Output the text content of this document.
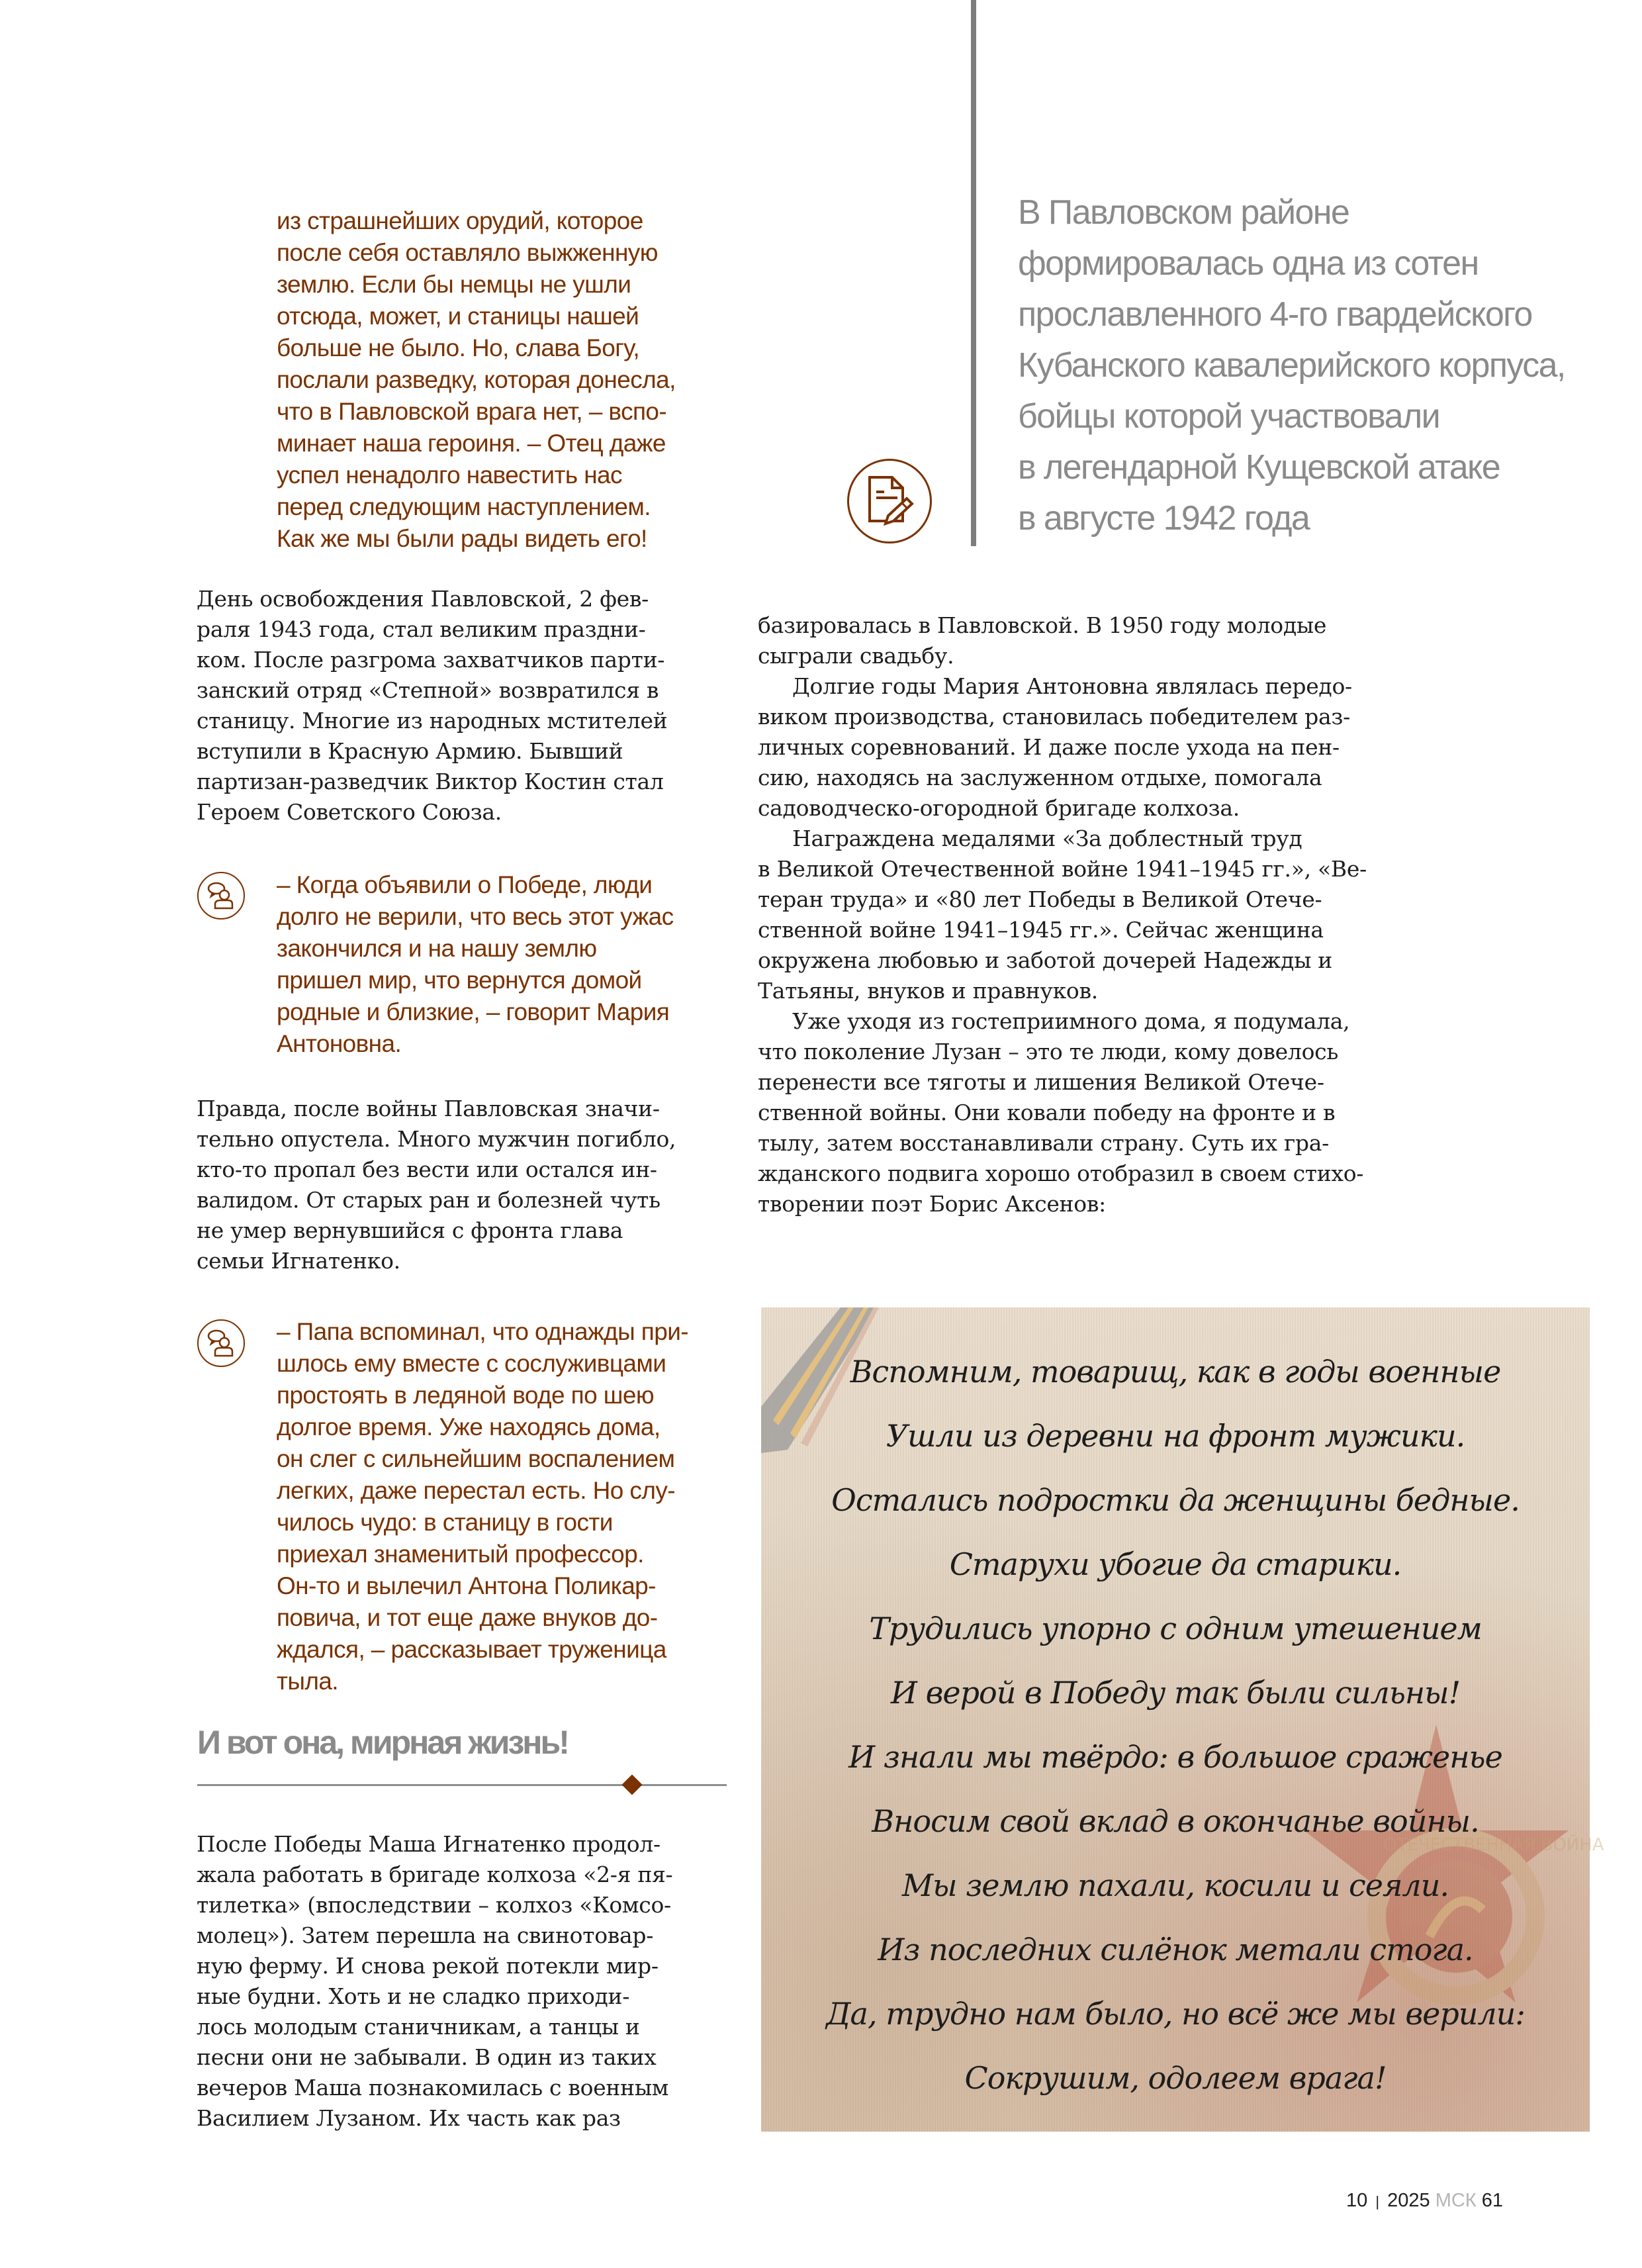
из страшнейших орудий, которое
после себя оставляло выжженную
землю. Если бы немцы не ушли
отсюда, может, и станицы нашей
больше не было. Но, слава Богу,
послали разведку, которая донесла,
что в Павловской врага нет, – вспо-
минает наша героиня. – Отец даже
успел ненадолго навестить нас
перед следующим наступлением.
Как же мы были рады видеть его!
В Павловском районе
формировалась одна из сотен
прославленного 4-го гвардейского
Кубанского кавалерийского корпуса,
бойцы которой участвовали
в легендарной Кущевской атаке
в августе 1942 года
День освобождения Павловской, 2 фев-
раля 1943 года, стал великим праздни-
ком. После разгрома захватчиков парти-
занский отряд «Степной» возвратился в
станицу. Многие из народных мстителей
вступили в Красную Армию. Бывший
партизан-разведчик Виктор Костин стал
Героем Советского Союза.
– Когда объявили о Победе, люди
долго не верили, что весь этот ужас
закончился и на нашу землю
пришел мир, что вернутся домой
родные и близкие, – говорит Мария
Антоновна.
Правда, после войны Павловская значи-
тельно опустела. Много мужчин погибло,
кто-то пропал без вести или остался ин-
валидом. От старых ран и болезней чуть
не умер вернувшийся с фронта глава
семьи Игнатенко.
– Папа вспоминал, что однажды при-
шлось ему вместе с сослуживцами
простоять в ледяной воде по шею
долгое время. Уже находясь дома,
он слег с сильнейшим воспалением
легких, даже перестал есть. Но слу-
чилось чудо: в станицу в гости
приехал знаменитый профессор.
Он-то и вылечил Антона Поликар-
повича, и тот еще даже внуков до-
ждался, – рассказывает труженица
тыла.
И вот она, мирная жизнь!
После Победы Маша Игнатенко продол-
жала работать в бригаде колхоза «2-я пя-
тилетка» (впоследствии – колхоз «Комсо-
молец»). Затем перешла на свинотовар-
ную ферму. И снова рекой потекли мир-
ные будни. Хоть и не сладко приходи-
лось молодым станичникам, а танцы и
песни они не забывали. В один из таких
вечеров Маша познакомилась с военным
Василием Лузаном. Их часть как раз
базировалась в Павловской. В 1950 году молодые
сыграли свадьбу.
Долгие годы Мария Антоновна являлась передо-
виком производства, становилась победителем раз-
личных соревнований. И даже после ухода на пен-
сию, находясь на заслуженном отдыхе, помогала
садоводческо-огородной бригаде колхоза.
Награждена медалями «За доблестный труд
в Великой Отечественной войне 1941–1945 гг.», «Ве-
теран труда» и «80 лет Победы в Великой Отече-
ственной войне 1941–1945 гг.». Сейчас женщина
окружена любовью и заботой дочерей Надежды и
Татьяны, внуков и правнуков.
Уже уходя из гостеприимного дома, я подумала,
что поколение Лузан – это те люди, кому довелось
перенести все тяготы и лишения Великой Отече-
ственной войны. Они ковали победу на фронте и в
тылу, затем восстанавливали страну. Суть их гра-
жданского подвига хорошо отобразил в своем стихо-
творении поэт Борис Аксенов:
ОТЕЧЕСТВЕННАЯ ВОЙНА
Вспомним, товарищ, как в годы военные
Ушли из деревни на фронт мужики.
Остались подростки да женщины бедные.
Старухи убогие да старики.
Трудились упорно с одним утешением
И верой в Победу так были сильны!
И знали мы твёрдо: в большое сраженье
Вносим свой вклад в окончанье войны.
Мы землю пахали, косили и сеяли.
Из последних силёнок метали стога.
Да, трудно нам было, но всё же мы верили:
Сокрушим, одолеем врага!
10 | 2025 МСК 61
